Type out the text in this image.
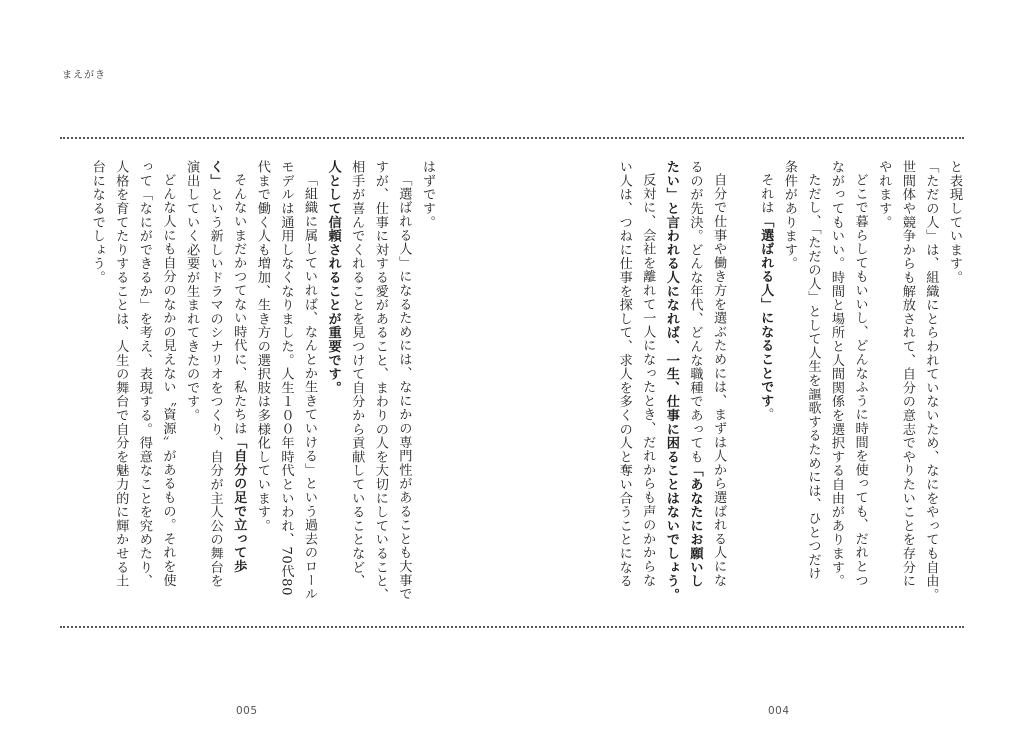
まえがき

と表現しています。

「ただの人」は、組織にとらわれていないため、なにをやっても自由。

世間体や競争からも解放されて、自分の意志でやりたいことを存分に

やれます。

どこで暮らしてもいいし、どんなふうに時間を使っても、だれとつ

ながってもいい。時間と場所と人間関係を選択する自由があります。

ただし、「ただの人」として人生を謳歌するためには、ひとつだけ

条件があります。

それは「選ばれる人」になることです。

自分で仕事や働き方を選ぶためには、まずは人から選ばれる人にな

るのが先決。どんな年代、どんな職種であっても「あなたにお願いし

たい」と言われる人になれば、一生、仕事に困ることはないでしょう。

反対に、会社を離れて一人になったとき、だれからも声のかからな

い人は、つねに仕事を探して、求人を多くの人と奪い合うことになる

はずです。

「選ばれる人」になるためには、なにかの専門性があることも大事で

すが、仕事に対する愛があること、まわりの人を大切にしていること、

相手が喜んでくれることを見つけて自分から貢献していることなど、

人として信頼されることが重要です。

「組織に属していれば、なんとか生きていける」という過去のロール

モデルは通用しなくなりました。人生１００年時代といわれ、70代80

代まで働く人も増加、生き方の選択肢は多様化しています。

そんないまだかつてない時代に、私たちは「自分の足で立って歩

く」という新しいドラマのシナリオをつくり、自分が主人公の舞台を

演出していく必要が生まれてきたのです。

どんな人にも自分のなかの見えない〝資源〟があるもの。それを使

って「なにができるか」を考え、表現する。得意なことを究めたり、

人格を育てたりすることは、人生の舞台で自分を魅力的に輝かせる土

台になるでしょう。

005	004
